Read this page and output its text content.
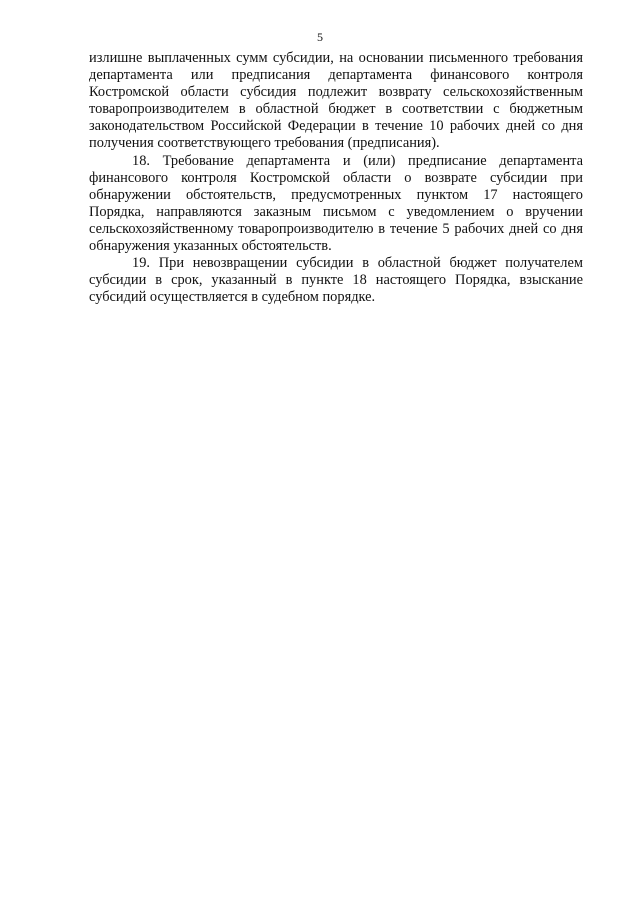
5

излишне выплаченных сумм субсидии, на основании письменного требования департамента или предписания департамента финансового контроля Костромской области субсидия подлежит возврату сельскохозяйственным товаропроизводителем в областной бюджет в соответствии с бюджетным законодательством Российской Федерации в течение 10 рабочих дней со дня получения соответствующего требования (предписания).

18. Требование департамента и (или) предписание департамента финансового контроля Костромской области о возврате субсидии при обнаружении обстоятельств, предусмотренных пунктом 17 настоящего Порядка, направляются заказным письмом с уведомлением о вручении сельскохозяйственному товаропроизводителю в течение 5 рабочих дней со дня обнаружения указанных обстоятельств.

19. При невозвращении субсидии в областной бюджет получателем субсидии в срок, указанный в пункте 18 настоящего Порядка, взыскание субсидий осуществляется в судебном порядке.
